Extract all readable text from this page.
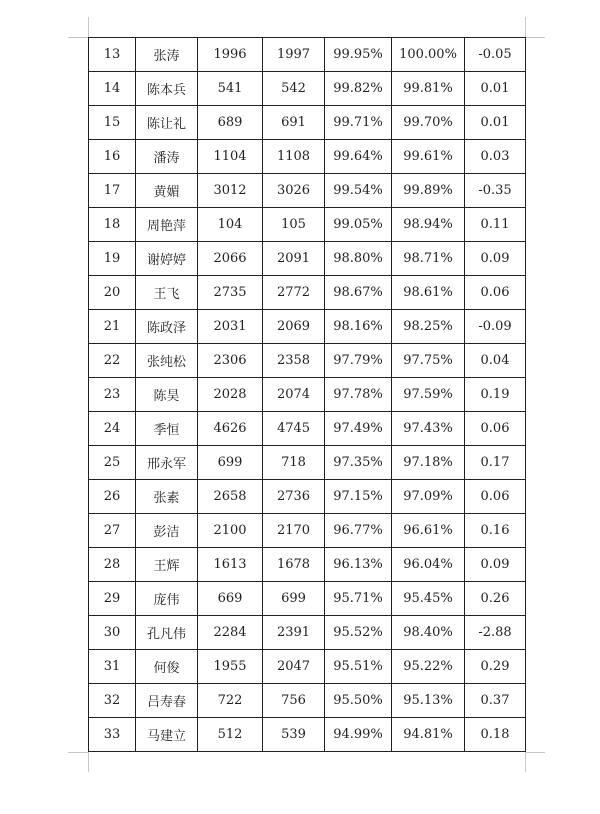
13	张涛	1996	1997	99.95%	100.00%	-0.05
14	陈本兵	541	542	99.82%	99.81%	0.01
15	陈让礼	689	691	99.71%	99.70%	0.01
16	潘涛	1104	1108	99.64%	99.61%	0.03
17	黄媚	3012	3026	99.54%	99.89%	-0.35
18	周艳萍	104	105	99.05%	98.94%	0.11
19	谢婷婷	2066	2091	98.80%	98.71%	0.09
20	王飞	2735	2772	98.67%	98.61%	0.06
21	陈政泽	2031	2069	98.16%	98.25%	-0.09
22	张纯松	2306	2358	97.79%	97.75%	0.04
23	陈昊	2028	2074	97.78%	97.59%	0.19
24	季恒	4626	4745	97.49%	97.43%	0.06
25	邢永军	699	718	97.35%	97.18%	0.17
26	张素	2658	2736	97.15%	97.09%	0.06
27	彭洁	2100	2170	96.77%	96.61%	0.16
28	王辉	1613	1678	96.13%	96.04%	0.09
29	庞伟	669	699	95.71%	95.45%	0.26
30	孔凡伟	2284	2391	95.52%	98.40%	-2.88
31	何俊	1955	2047	95.51%	95.22%	0.29
32	吕寿春	722	756	95.50%	95.13%	0.37
33	马建立	512	539	94.99%	94.81%	0.18
